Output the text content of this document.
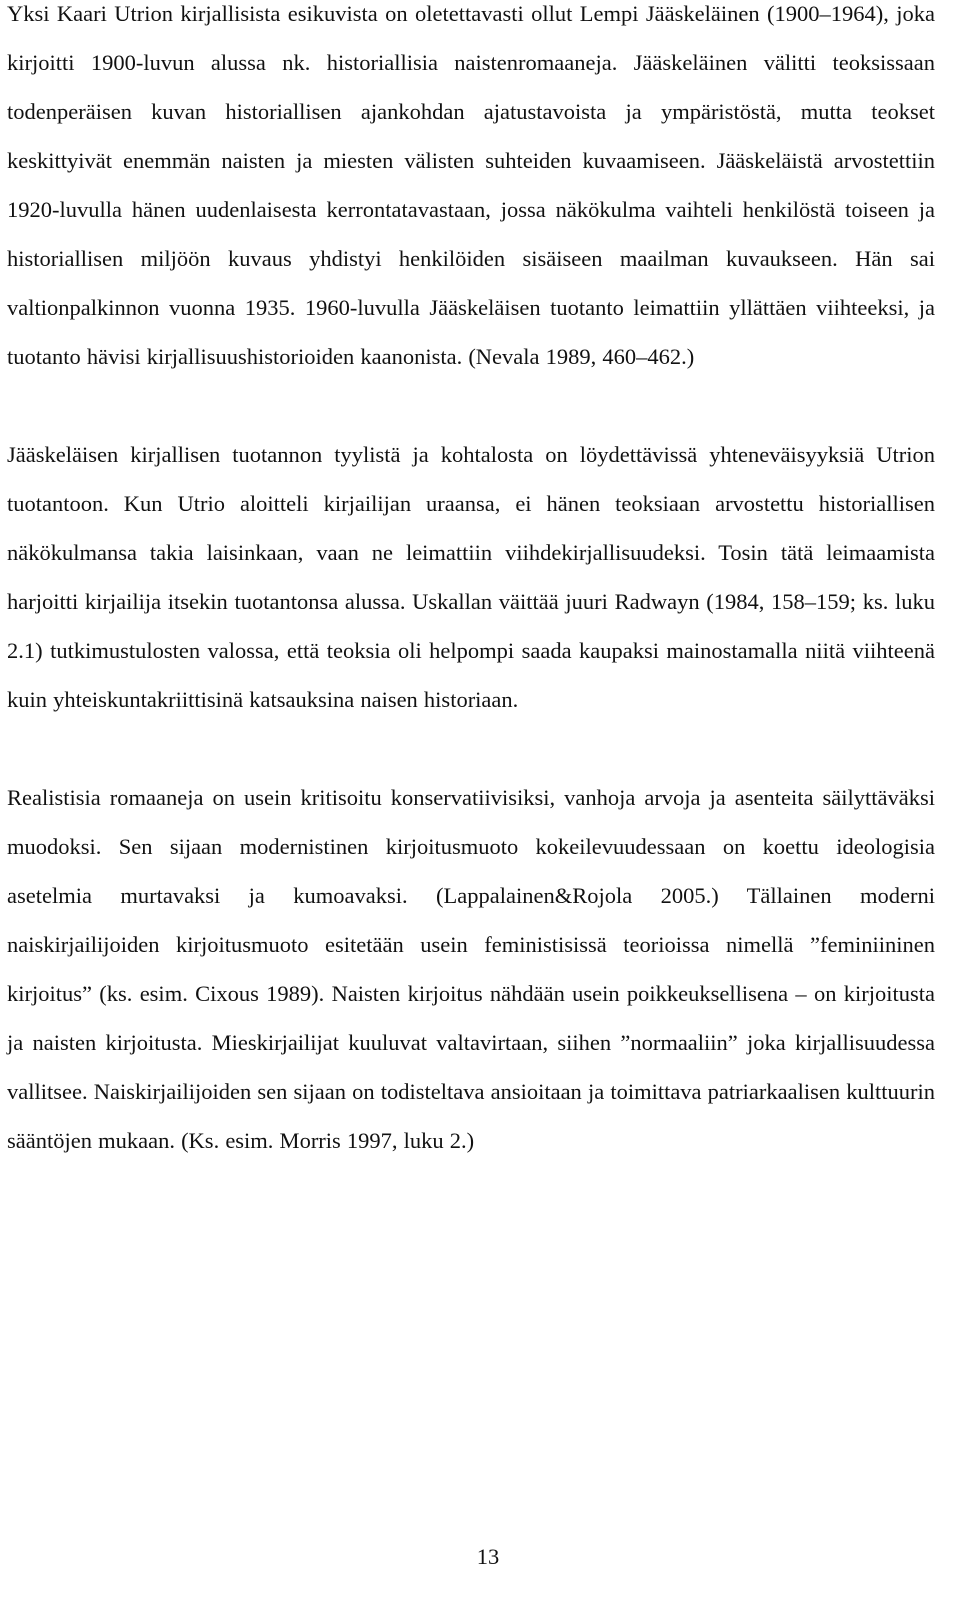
Yksi Kaari Utrion kirjallisista esikuvista on oletettavasti ollut Lempi Jääskeläinen (1900–1964), joka kirjoitti 1900-luvun alussa nk. historiallisia naistenromaaneja. Jääskeläinen välitti teoksissaan todenperäisen kuvan historiallisen ajankohdan ajatustavoista ja ympäristöstä, mutta teokset keskittyivät enemmän naisten ja miesten välisten suhteiden kuvaamiseen. Jääskeläistä arvostettiin 1920-luvulla hänen uudenlaisesta kerrontatavastaan, jossa näkökulma vaihteli henkilöstä toiseen ja historiallisen miljöön kuvaus yhdistyi henkilöiden sisäiseen maailman kuvaukseen. Hän sai valtionpalkinnon vuonna 1935. 1960-luvulla Jääskeläisen tuotanto leimattiin yllättäen viihteeksi, ja tuotanto hävisi kirjallisuushistorioiden kaanonista. (Nevala 1989, 460–462.)

Jääskeläisen kirjallisen tuotannon tyylistä ja kohtalosta on löydettävissä yhteneväisyyksiä Utrion tuotantoon. Kun Utrio aloitteli kirjailijan uraansa, ei hänen teoksiaan arvostettu historiallisen näkökulmansa takia laisinkaan, vaan ne leimattiin viihdekirjallisuudeksi. Tosin tätä leimaamista harjoitti kirjailija itsekin tuotantonsa alussa. Uskallan väittää juuri Radwayn (1984, 158–159; ks. luku 2.1) tutkimustulosten valossa, että teoksia oli helpompi saada kaupaksi mainostamalla niitä viihteenä kuin yhteiskuntakriittisinä katsauksina naisen historiaan.

Realistisia romaaneja on usein kritisoitu konservatiivisiksi, vanhoja arvoja ja asenteita säilyttäväksi muodoksi. Sen sijaan modernistinen kirjoitusmuoto kokeilevuudessaan on koettu ideologisia asetelmia murtavaksi ja kumoavaksi. (Lappalainen&Rojola 2005.) Tällainen moderni naiskirjailijoiden kirjoitusmuoto esitetään usein feministisissä teorioissa nimellä ”feminiininen kirjoitus” (ks. esim. Cixous 1989). Naisten kirjoitus nähdään usein poikkeuksellisena – on kirjoitusta ja naisten kirjoitusta. Mieskirjailijat kuuluvat valtavirtaan, siihen ”normaaliin” joka kirjallisuudessa vallitsee. Naiskirjailijoiden sen sijaan on todisteltava ansioitaan ja toimittava patriarkaalisen kulttuurin sääntöjen mukaan. (Ks. esim. Morris 1997, luku 2.)

13
